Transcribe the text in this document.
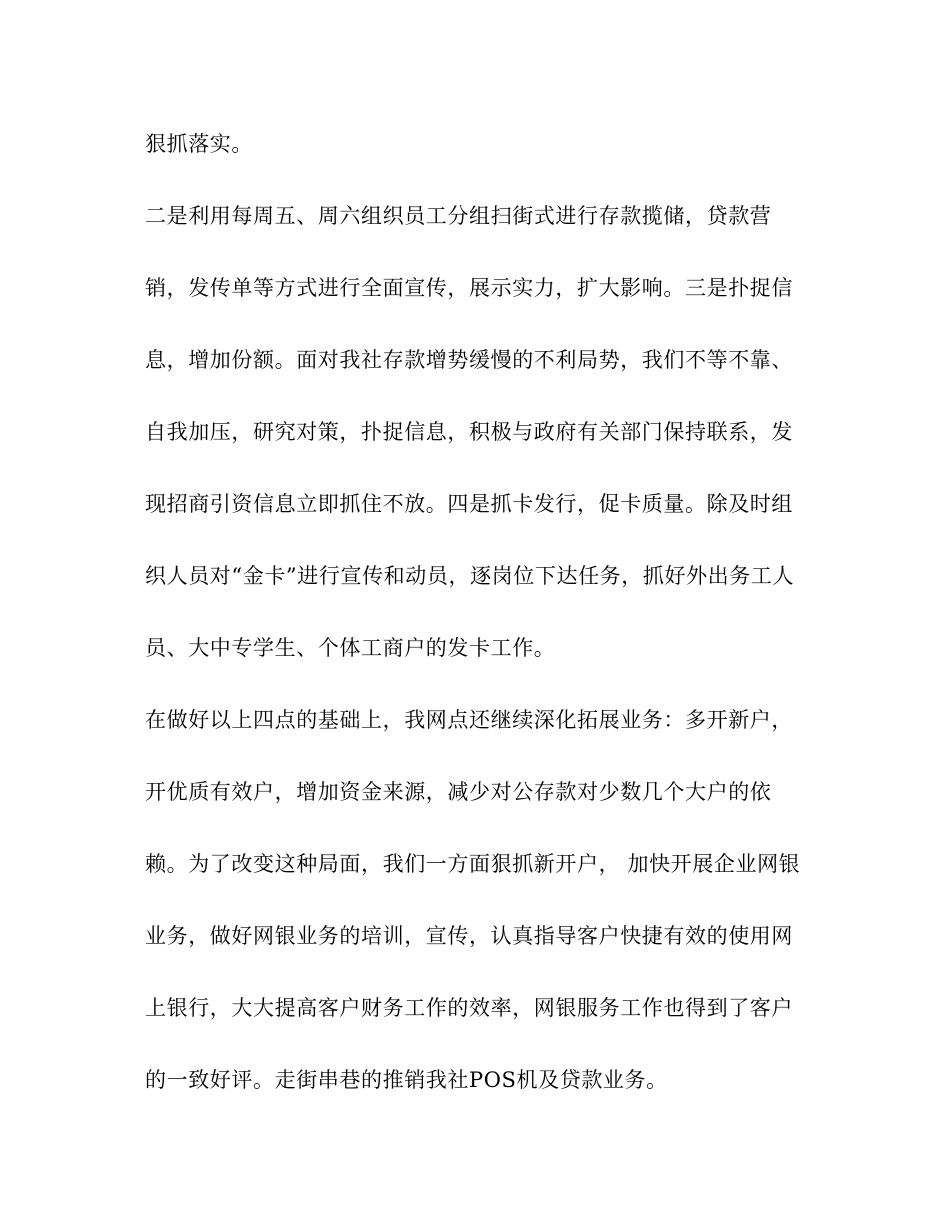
狠抓落实。
二是利用每周五、周六组织员工分组扫街式进行存款揽储，贷款营
销，发传单等方式进行全面宣传，展示实力，扩大影响。三是扑捉信
息，增加份额。面对我社存款增势缓慢的不利局势，我们不等不靠、
自我加压，研究对策，扑捉信息，积极与政府有关部门保持联系，发
现招商引资信息立即抓住不放。四是抓卡发行，促卡质量。除及时组
织人员对“金卡”进行宣传和动员，逐岗位下达任务，抓好外出务工人
员、大中专学生、个体工商户的发卡工作。
在做好以上四点的基础上，我网点还继续深化拓展业务：多开新户，
开优质有效户，增加资金来源，减少对公存款对少数几个大户的依
赖。为了改变这种局面，我们一方面狠抓新开户， 加快开展企业网银
业务，做好网银业务的培训，宣传，认真指导客户快捷有效的使用网
上银行，大大提高客户财务工作的效率，网银服务工作也得到了客户
的一致好评。走街串巷的推销我社POS机及贷款业务。
